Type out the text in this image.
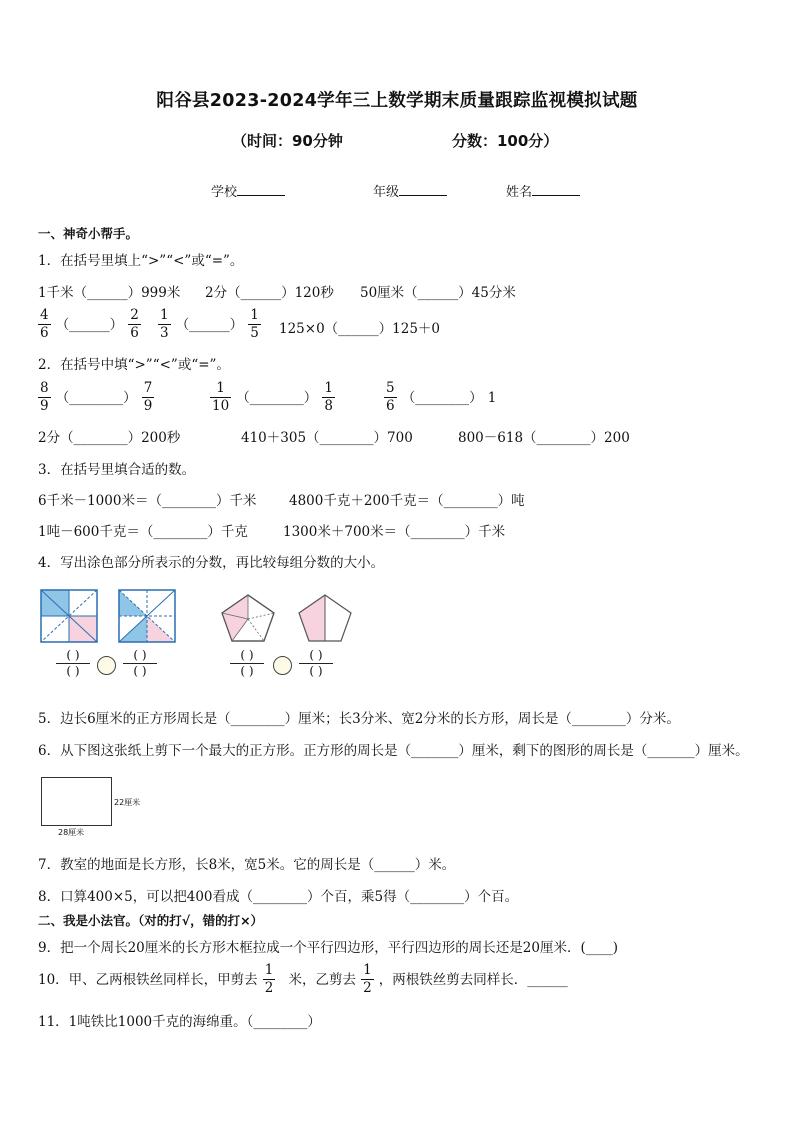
阳谷县2023-2024学年三上数学期末质量跟踪监视模拟试题
（时间：90分钟	分数：100分）
学校	年级	姓名
一、神奇小帮手。
1．在括号里填上“>”“<”或“=”。
1千米（______）999米 2分（______）120秒 50厘米（______）45分米
$\frac{4}{6}$ （______） $\frac{2}{6} \frac{1}{3}$ （______） $\frac{1}{5}$ 125×0（______）125＋0
2．在括号中填“>”“<”或“=”。
$\frac{8}{9}$ （________） $\frac{7}{9}$	$\frac{1}{10}$ （________） $\frac{1}{8}$	$\frac{5}{6}$ （________） 1
2分（________）200秒	410＋305（________）700	800－618（________）200
3．在括号里填合适的数。
6千米－1000米＝（________）千米 4800千克＋200千克＝（________）吨
1吨－600千克＝（________）千克	1300米＋700米＝（________）千米
4．写出涂色部分所表示的分数，再比较每组分数的大小。
( )
( )
( )
( )
( )
( )
( )
( )
5．边长6厘米的正方形周长是（________）厘米；长3分米、宽2分米的长方形，周长是（________）分米。
6．从下图这张纸上剪下一个最大的正方形。正方形的周长是（_______）厘米，剩下的图形的周长是（_______）厘米。
22厘米
28厘米
7．教室的地面是长方形，长8米，宽5米。它的周长是（______）米。
8．口算400×5，可以把400看成（________）个百，乘5得（________）个百。
二、我是小法官。（对的打√，错的打×）
9．把一个周长20厘米的长方形木框拉成一个平行四边形，平行四边形的周长还是20厘米．(____)
10．甲、乙两根铁丝同样长，甲剪去 $\frac{1}{2}$ 米，乙剪去 $\frac{1}{2}$ ，两根铁丝剪去同样长．______
11．1吨铁比1000千克的海绵重。（________）
